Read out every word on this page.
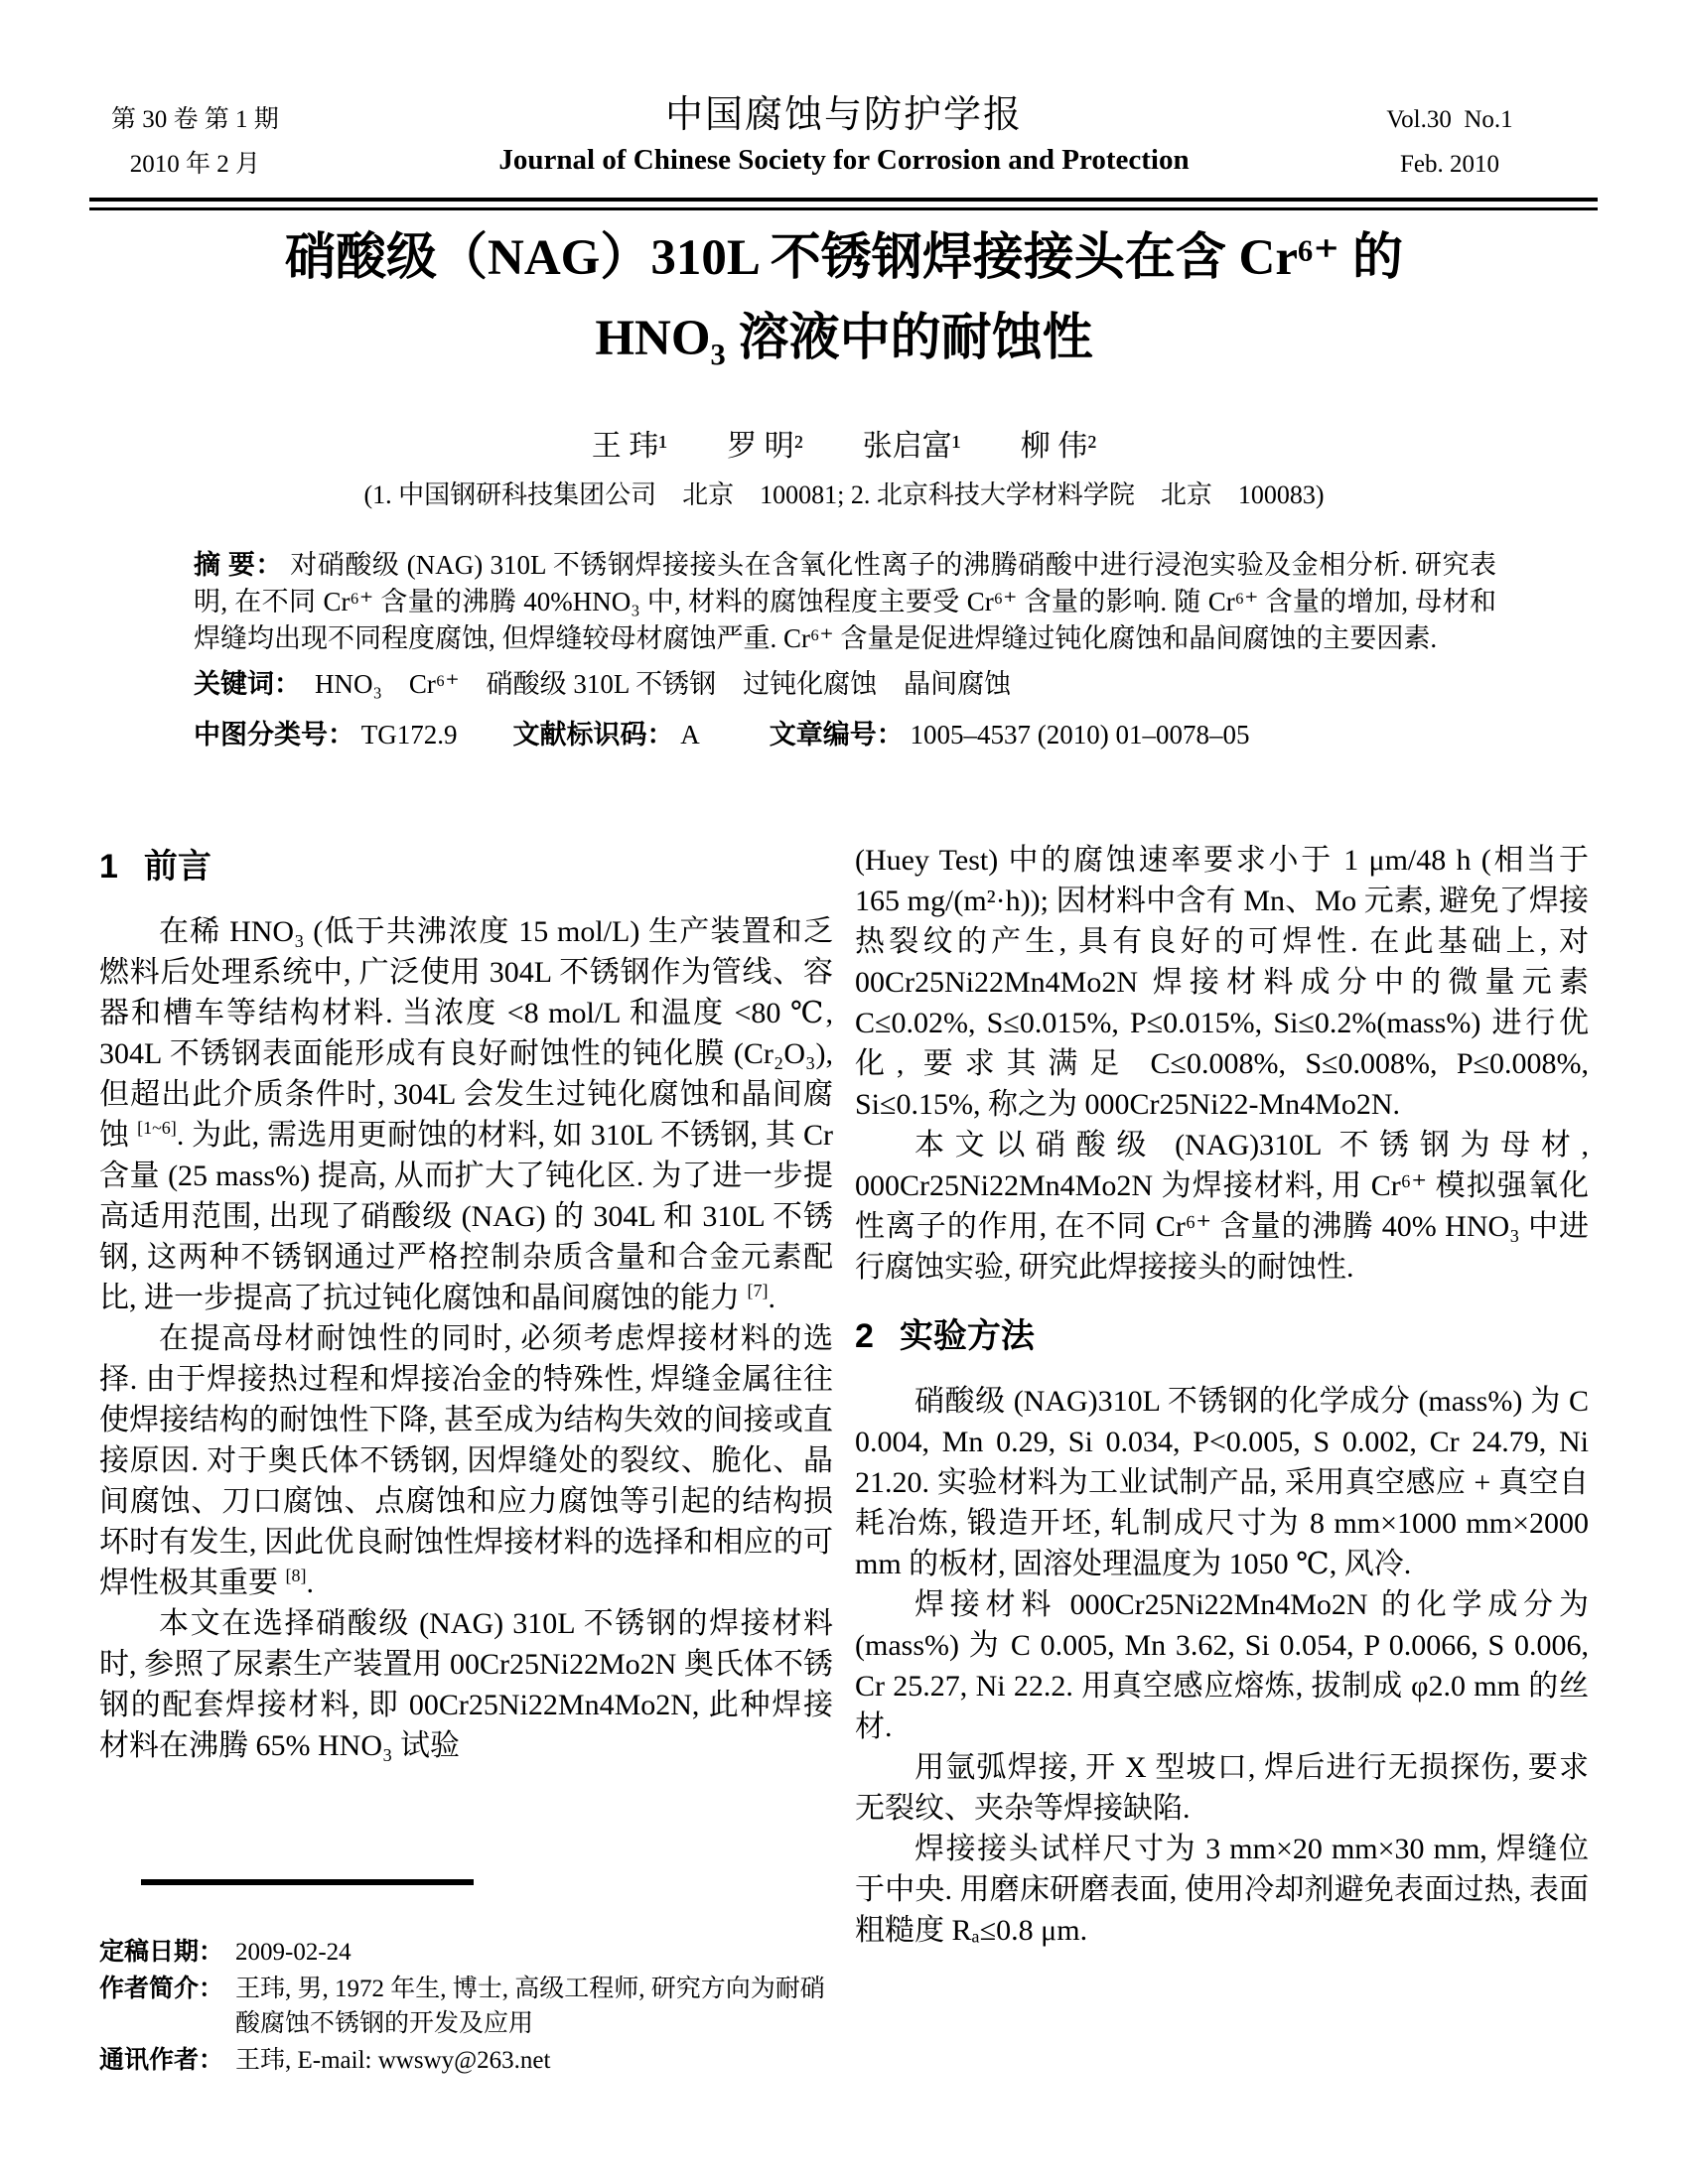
第 30 卷 第 1 期
2010 年 2 月
中国腐蚀与防护学报
Journal of Chinese Society for Corrosion and Protection
Vol.30  No.1
Feb. 2010
硝酸级（NAG）310L 不锈钢焊接接头在含 Cr⁶⁺ 的
HNO₃ 溶液中的耐蚀性
王 玮¹　　罗 明²　　张启富¹　　柳 伟²
(1. 中国钢研科技集团公司　北京　100081; 2. 北京科技大学材料学院　北京　100083)

摘 要： 对硝酸级 (NAG) 310L 不锈钢焊接接头在含氧化性离子的沸腾硝酸中进行浸泡实验及金相分析. 研究表明, 在不同 Cr⁶⁺ 含量的沸腾 40%HNO₃ 中, 材料的腐蚀程度主要受 Cr⁶⁺ 含量的影响. 随 Cr⁶⁺ 含量的增加, 母材和焊缝均出现不同程度腐蚀, 但焊缝较母材腐蚀严重. Cr⁶⁺ 含量是促进焊缝过钝化腐蚀和晶间腐蚀的主要因素.

关键词： HNO₃　Cr⁶⁺　硝酸级 310L 不锈钢　过钝化腐蚀　晶间腐蚀
中图分类号： TG172.9 文献标识码： A	文章编号： 1005–4537 (2010) 01–0078–05
1 前言

在稀 HNO₃ (低于共沸浓度 15 mol/L) 生产装置和乏燃料后处理系统中, 广泛使用 304L 不锈钢作为管线、容器和槽车等结构材料. 当浓度 <8 mol/L 和温度 <80 ℃, 304L 不锈钢表面能形成有良好耐蚀性的钝化膜 (Cr₂O₃), 但超出此介质条件时, 304L 会发生过钝化腐蚀和晶间腐蚀 [1~6]. 为此, 需选用更耐蚀的材料, 如 310L 不锈钢, 其 Cr 含量 (25 mass%) 提高, 从而扩大了钝化区. 为了进一步提高适用范围, 出现了硝酸级 (NAG) 的 304L 和 310L 不锈钢, 这两种不锈钢通过严格控制杂质含量和合金元素配比, 进一步提高了抗过钝化腐蚀和晶间腐蚀的能力 [7].

在提高母材耐蚀性的同时, 必须考虑焊接材料的选择. 由于焊接热过程和焊接冶金的特殊性, 焊缝金属往往使焊接结构的耐蚀性下降, 甚至成为结构失效的间接或直接原因. 对于奥氏体不锈钢, 因焊缝处的裂纹、脆化、晶间腐蚀、刀口腐蚀、点腐蚀和应力腐蚀等引起的结构损坏时有发生, 因此优良耐蚀性焊接材料的选择和相应的可焊性极其重要 [8].

本文在选择硝酸级 (NAG) 310L 不锈钢的焊接材料时, 参照了尿素生产装置用 00Cr25Ni22Mo2N 奥氏体不锈钢的配套焊接材料, 即 00Cr25Ni22Mn4Mo2N, 此种焊接材料在沸腾 65% HNO₃ 试验

(Huey Test) 中的腐蚀速率要求小于 1 μm/48 h (相当于 165 mg/(m²·h)); 因材料中含有 Mn、Mo 元素, 避免了焊接热裂纹的产生, 具有良好的可焊性. 在此基础上, 对 00Cr25Ni22Mn4Mo2N 焊接材料成分中的微量元素 C≤0.02%, S≤0.015%, P≤0.015%, Si≤0.2%(mass%) 进行优化, 要求其满足 C≤0.008%, S≤0.008%, P≤0.008%, Si≤0.15%, 称之为 000Cr25Ni22-Mn4Mo2N.

本文以硝酸级 (NAG)310L 不锈钢为母材, 000Cr25Ni22Mn4Mo2N 为焊接材料, 用 Cr⁶⁺ 模拟强氧化性离子的作用, 在不同 Cr⁶⁺ 含量的沸腾 40% HNO₃ 中进行腐蚀实验, 研究此焊接接头的耐蚀性.

2 实验方法

硝酸级 (NAG)310L 不锈钢的化学成分 (mass%) 为 C 0.004, Mn 0.29, Si 0.034, P<0.005, S 0.002, Cr 24.79, Ni 21.20. 实验材料为工业试制产品, 采用真空感应 + 真空自耗冶炼, 锻造开坯, 轧制成尺寸为 8 mm×1000 mm×2000 mm 的板材, 固溶处理温度为 1050 ℃, 风冷.

焊接材料 000Cr25Ni22Mn4Mo2N 的化学成分为 (mass%) 为 C 0.005, Mn 3.62, Si 0.054, P 0.0066, S 0.006, Cr 25.27, Ni 22.2. 用真空感应熔炼, 拔制成 φ2.0 mm 的丝材.

用氩弧焊接, 开 X 型坡口, 焊后进行无损探伤, 要求无裂纹、夹杂等焊接缺陷.

焊接接头试样尺寸为 3 mm×20 mm×30 mm, 焊缝位于中央. 用磨床研磨表面, 使用冷却剂避免表面过热, 表面粗糙度 Rₐ≤0.8 μm.

定稿日期： 2009-02-24
作者简介： 王玮, 男, 1972 年生, 博士, 高级工程师, 研究方向为耐硝酸腐蚀不锈钢的开发及应用
通讯作者： 王玮, E-mail: wwswy@263.net
